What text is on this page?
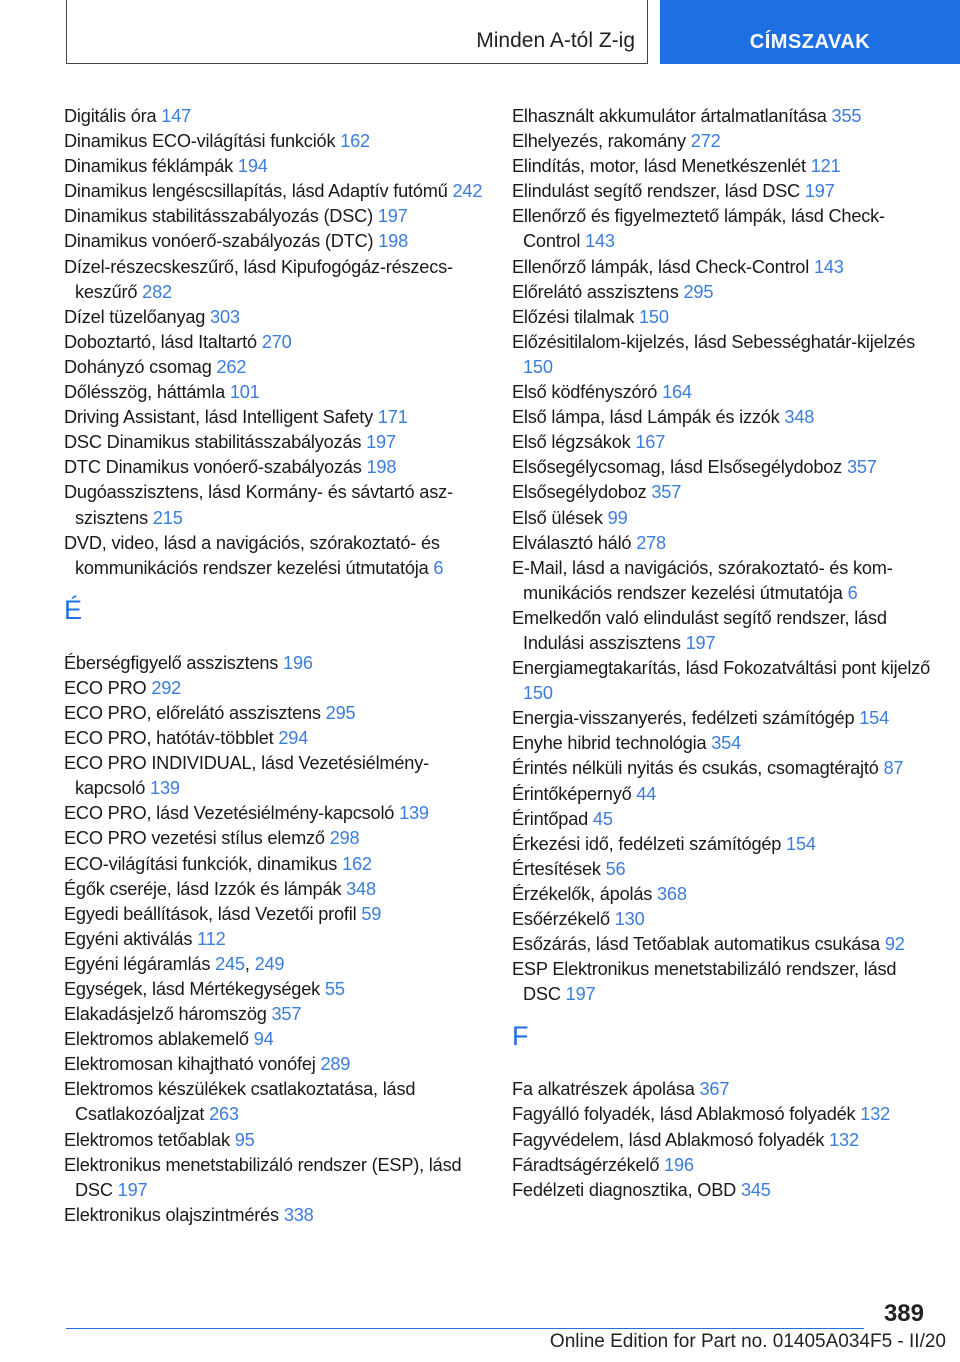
Minden A-tól Z-ig	CÍMSZAVAK
Digitális óra 147
Dinamikus ECO-világítási funkciók 162
Dinamikus féklámpák 194
Dinamikus lengéscsillapítás, lásd Adaptív futómű 242
Dinamikus stabilitásszabályozás (DSC) 197
Dinamikus vonóerő-szabályozás (DTC) 198
Dízel-részecskeszűrő, lásd Kipufogógáz-részecskeszűrő 282
Dízel tüzelőanyag 303
Doboztartó, lásd Italtartó 270
Dohányzó csomag 262
Dőlésszög, háttámla 101
Driving Assistant, lásd Intelligent Safety 171
DSC Dinamikus stabilitásszabályozás 197
DTC Dinamikus vonóerő-szabályozás 198
Dugóasszisztens, lásd Kormány- és sávtartó aszszisztens 215
DVD, video, lásd a navigációs, szórakoztató- és kommunikációs rendszer kezelési útmutatója 6
É
Éberségfigyelő asszisztens 196
ECO PRO 292
ECO PRO, előrelátó asszisztens 295
ECO PRO, hatótáv-többlet 294
ECO PRO INDIVIDUAL, lásd Vezetésiélmény-kapcsoló 139
ECO PRO, lásd Vezetésiélmény-kapcsoló 139
ECO PRO vezetési stílus elemző 298
ECO-világítási funkciók, dinamikus 162
Égők cseréje, lásd Izzók és lámpák 348
Egyedi beállítások, lásd Vezetői profil 59
Egyéni aktiválás 112
Egyéni légáramlás 245, 249
Egységek, lásd Mértékegységek 55
Elakadásjelző háromszög 357
Elektromos ablakemelő 94
Elektromosan kihajtható vonófej 289
Elektromos készülékek csatlakoztatása, lásd Csatlakozóaljzat 263
Elektromos tetőablak 95
Elektronikus menetstabilizáló rendszer (ESP), lásd DSC 197
Elektronikus olajszintmérés 338
Elhasznált akkumulátor ártalmatlanítása 355
Elhelyezés, rakomány 272
Elindítás, motor, lásd Menetkészenlét 121
Elindulást segítő rendszer, lásd DSC 197
Ellenőrző és figyelmeztető lámpák, lásd Check-Control 143
Ellenőrző lámpák, lásd Check-Control 143
Előrelátó asszisztens 295
Előzési tilalmak 150
Előzésitilalom-kijelzés, lásd Sebességhatár-kijelzés 150
Első ködfényszóró 164
Első lámpa, lásd Lámpák és izzók 348
Első légzsákok 167
Elsősegélycsomag, lásd Elsősegélydoboz 357
Elsősegélydoboz 357
Első ülések 99
Elválasztó háló 278
E-Mail, lásd a navigációs, szórakoztató- és kommunikációs rendszer kezelési útmutatója 6
Emelkedőn való elindulást segítő rendszer, lásd Indulási asszisztens 197
Energiamegtakarítás, lásd Fokozatváltási pont kijelző 150
Energia-visszanyerés, fedélzeti számítógép 154
Enyhe hibrid technológia 354
Érintés nélküli nyitás és csukás, csomagtérajtó 87
Érintőképernyő 44
Érintőpad 45
Érkezési idő, fedélzeti számítógép 154
Értesítések 56
Érzékelők, ápolás 368
Esőérzékelő 130
Esőzárás, lásd Tetőablak automatikus csukása 92
ESP Elektronikus menetstabilizáló rendszer, lásd DSC 197
F
Fa alkatrészek ápolása 367
Fagyálló folyadék, lásd Ablakmosó folyadék 132
Fagyvédelem, lásd Ablakmosó folyadék 132
Fáradtságérzékelő 196
Fedélzeti diagnosztika, OBD 345
389
Online Edition for Part no. 01405A034F5 - II/20
